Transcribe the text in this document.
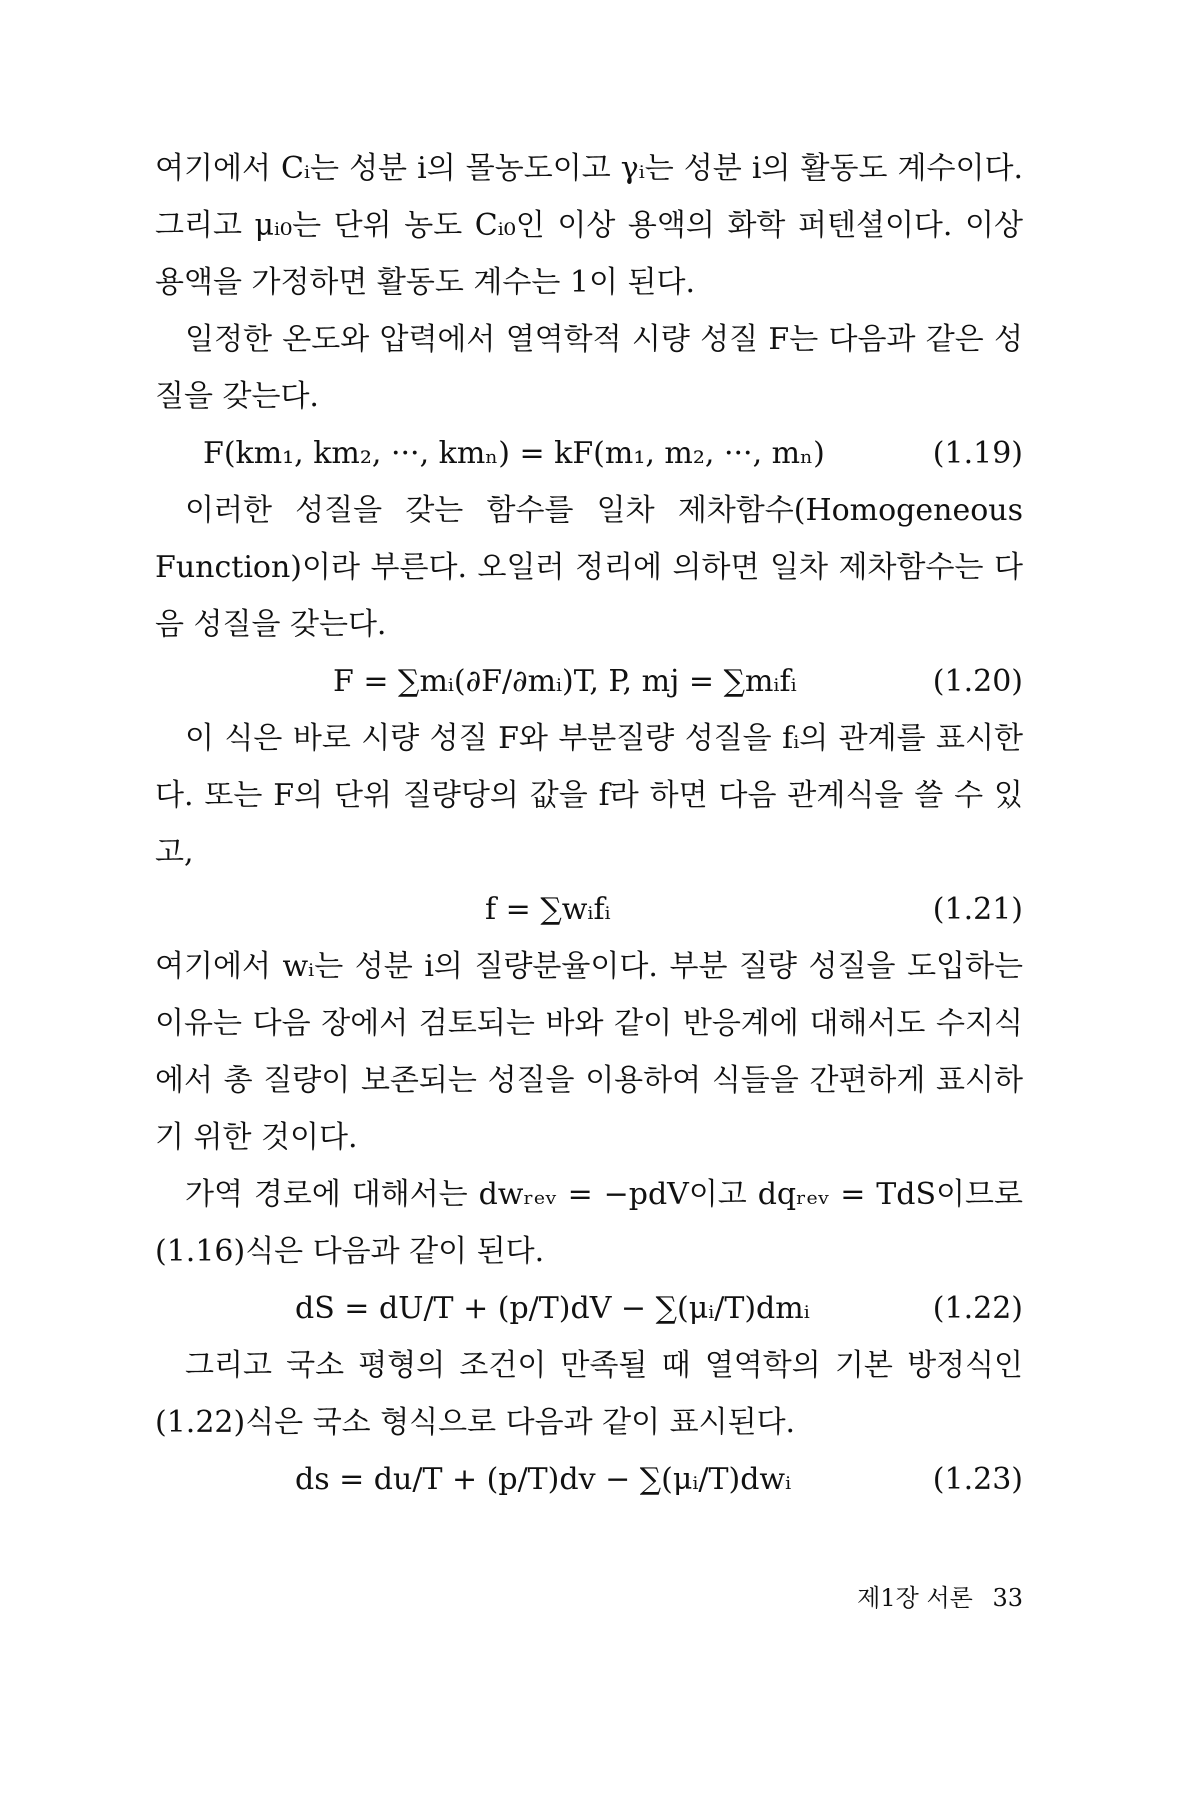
여기에서 Cᵢ는 성분 i의 몰농도이고 γᵢ는 성분 i의 활동도 계수이다. 그리고 μᵢ₀는 단위 농도 Cᵢ₀인 이상 용액의 화학 퍼텐셜이다. 이상 용액을 가정하면 활동도 계수는 1이 된다.

일정한 온도와 압력에서 열역학적 시량 성질 F는 다음과 같은 성질을 갖는다.

F(km₁, km₂, ···, kmₙ) = kF(m₁, m₂, ···, mₙ)	(1.19)

이러한 성질을 갖는 함수를 일차 제차함수(Homogeneous Function)이라 부른다. 오일러 정리에 의하면 일차 제차함수는 다음 성질을 갖는다.

F = ∑mᵢ(∂F/∂mᵢ)T, P, mj = ∑mᵢfᵢ	(1.20)

이 식은 바로 시량 성질 F와 부분질량 성질을 fᵢ의 관계를 표시한다. 또는 F의 단위 질량당의 값을 f라 하면 다음 관계식을 쓸 수 있고,

f = ∑wᵢfᵢ	(1.21)

여기에서 wᵢ는 성분 i의 질량분율이다. 부분 질량 성질을 도입하는 이유는 다음 장에서 검토되는 바와 같이 반응계에 대해서도 수지식에서 총 질량이 보존되는 성질을 이용하여 식들을 간편하게 표시하기 위한 것이다.

가역 경로에 대해서는 dwᵣₑᵥ = −pdV이고 dqᵣₑᵥ = TdS이므로 (1.16)식은 다음과 같이 된다.

dS = dU/T + (p/T)dV − ∑(μᵢ/T)dmᵢ	(1.22)

그리고 국소 평형의 조건이 만족될 때 열역학의 기본 방정식인 (1.22)식은 국소 형식으로 다음과 같이 표시된다.

ds = du/T + (p/T)dv − ∑(μᵢ/T)dwᵢ	(1.23)
제1장 서론 33
